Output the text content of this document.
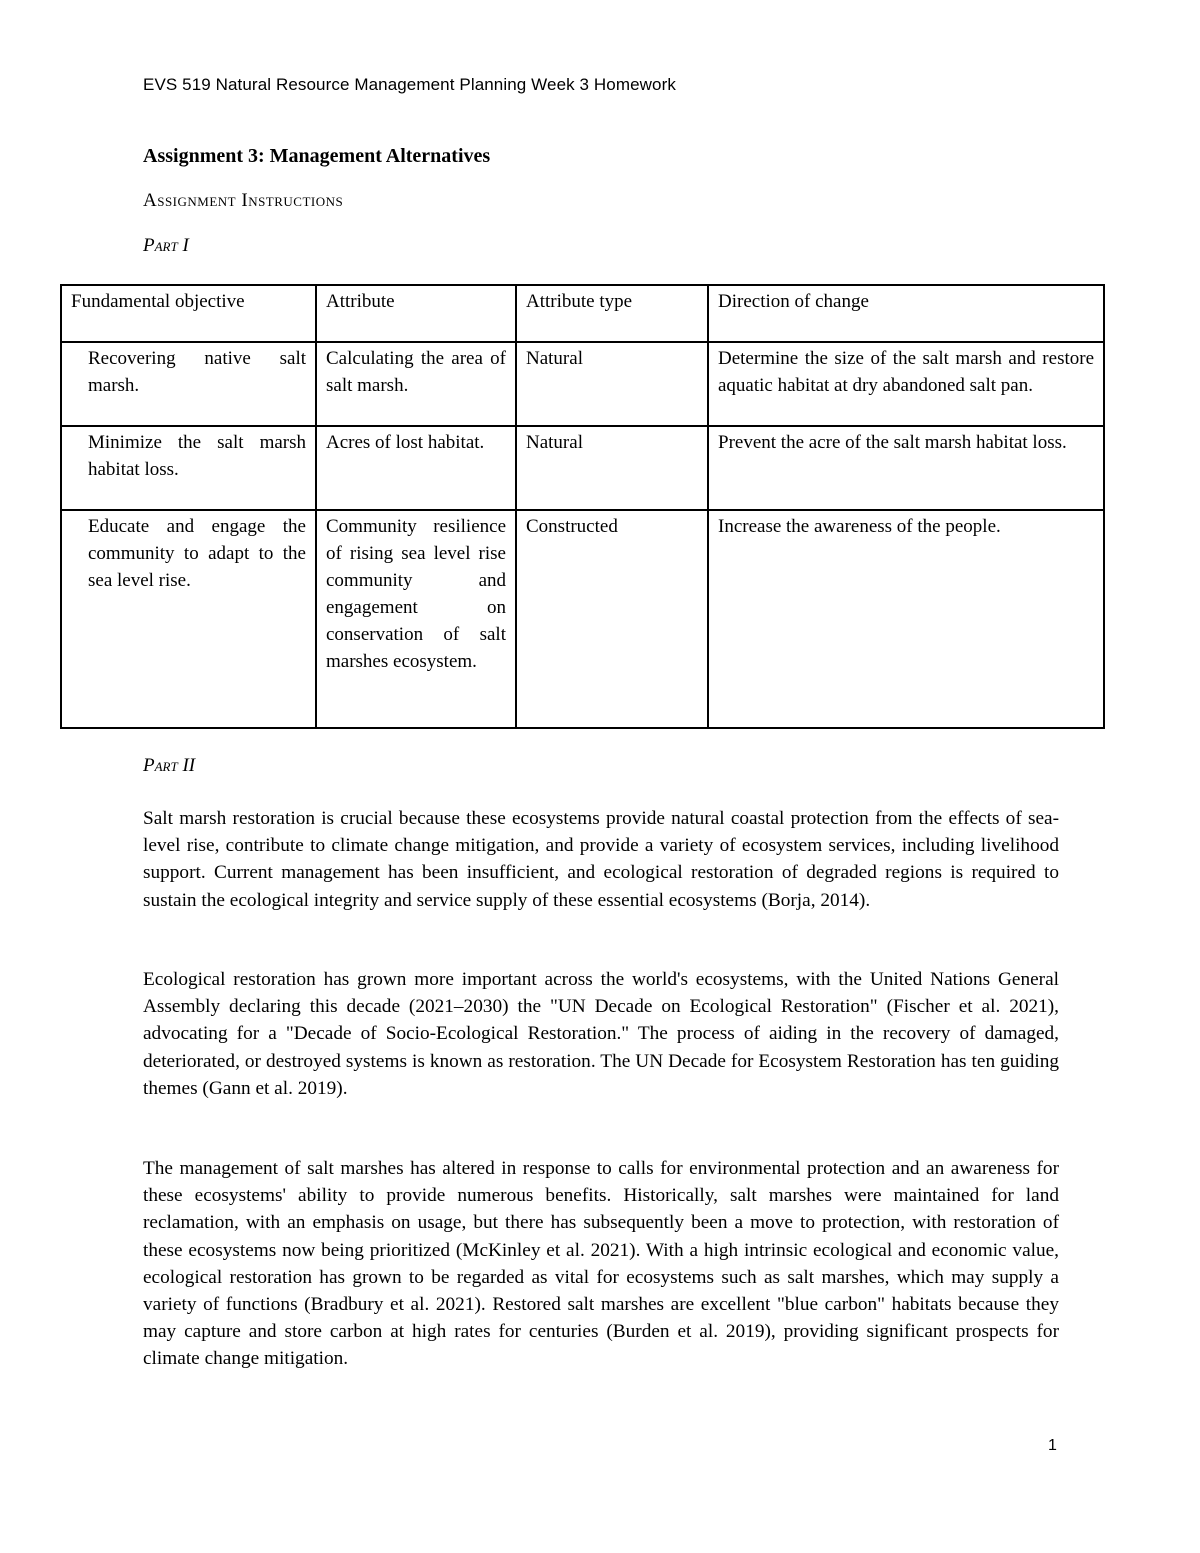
EVS 519 Natural Resource Management Planning Week 3 Homework
Assignment 3: Management Alternatives
Assignment Instructions
Part I
Fundamental objective	Attribute	Attribute type	Direction of change
Recovering native salt marsh.	Calculating the area of salt marsh.	Natural	Determine the size of the salt marsh and restore aquatic habitat at dry abandoned salt pan.
Minimize the salt marsh habitat loss.	Acres of lost habitat.	Natural	Prevent the acre of the salt marsh habitat loss.
Educate and engage the community to adapt to the sea level rise.	Community resilience of rising sea level rise community and engagement on conservation of salt marshes ecosystem.	Constructed	Increase the awareness of the people.
Part II

Salt marsh restoration is crucial because these ecosystems provide natural coastal protection from the effects of sea-level rise, contribute to climate change mitigation, and provide a variety of ecosystem services, including livelihood support. Current management has been insufficient, and ecological restoration of degraded regions is required to sustain the ecological integrity and service supply of these essential ecosystems (Borja, 2014).

Ecological restoration has grown more important across the world's ecosystems, with the United Nations General Assembly declaring this decade (2021–2030) the "UN Decade on Ecological Restoration" (Fischer et al. 2021), advocating for a "Decade of Socio-Ecological Restoration." The process of aiding in the recovery of damaged, deteriorated, or destroyed systems is known as restoration. The UN Decade for Ecosystem Restoration has ten guiding themes (Gann et al. 2019).

The management of salt marshes has altered in response to calls for environmental protection and an awareness for these ecosystems' ability to provide numerous benefits. Historically, salt marshes were maintained for land reclamation, with an emphasis on usage, but there has subsequently been a move to protection, with restoration of these ecosystems now being prioritized (McKinley et al. 2021). With a high intrinsic ecological and economic value, ecological restoration has grown to be regarded as vital for ecosystems such as salt marshes, which may supply a variety of functions (Bradbury et al. 2021). Restored salt marshes are excellent "blue carbon" habitats because they may capture and store carbon at high rates for centuries (Burden et al. 2019), providing significant prospects for climate change mitigation.

1
